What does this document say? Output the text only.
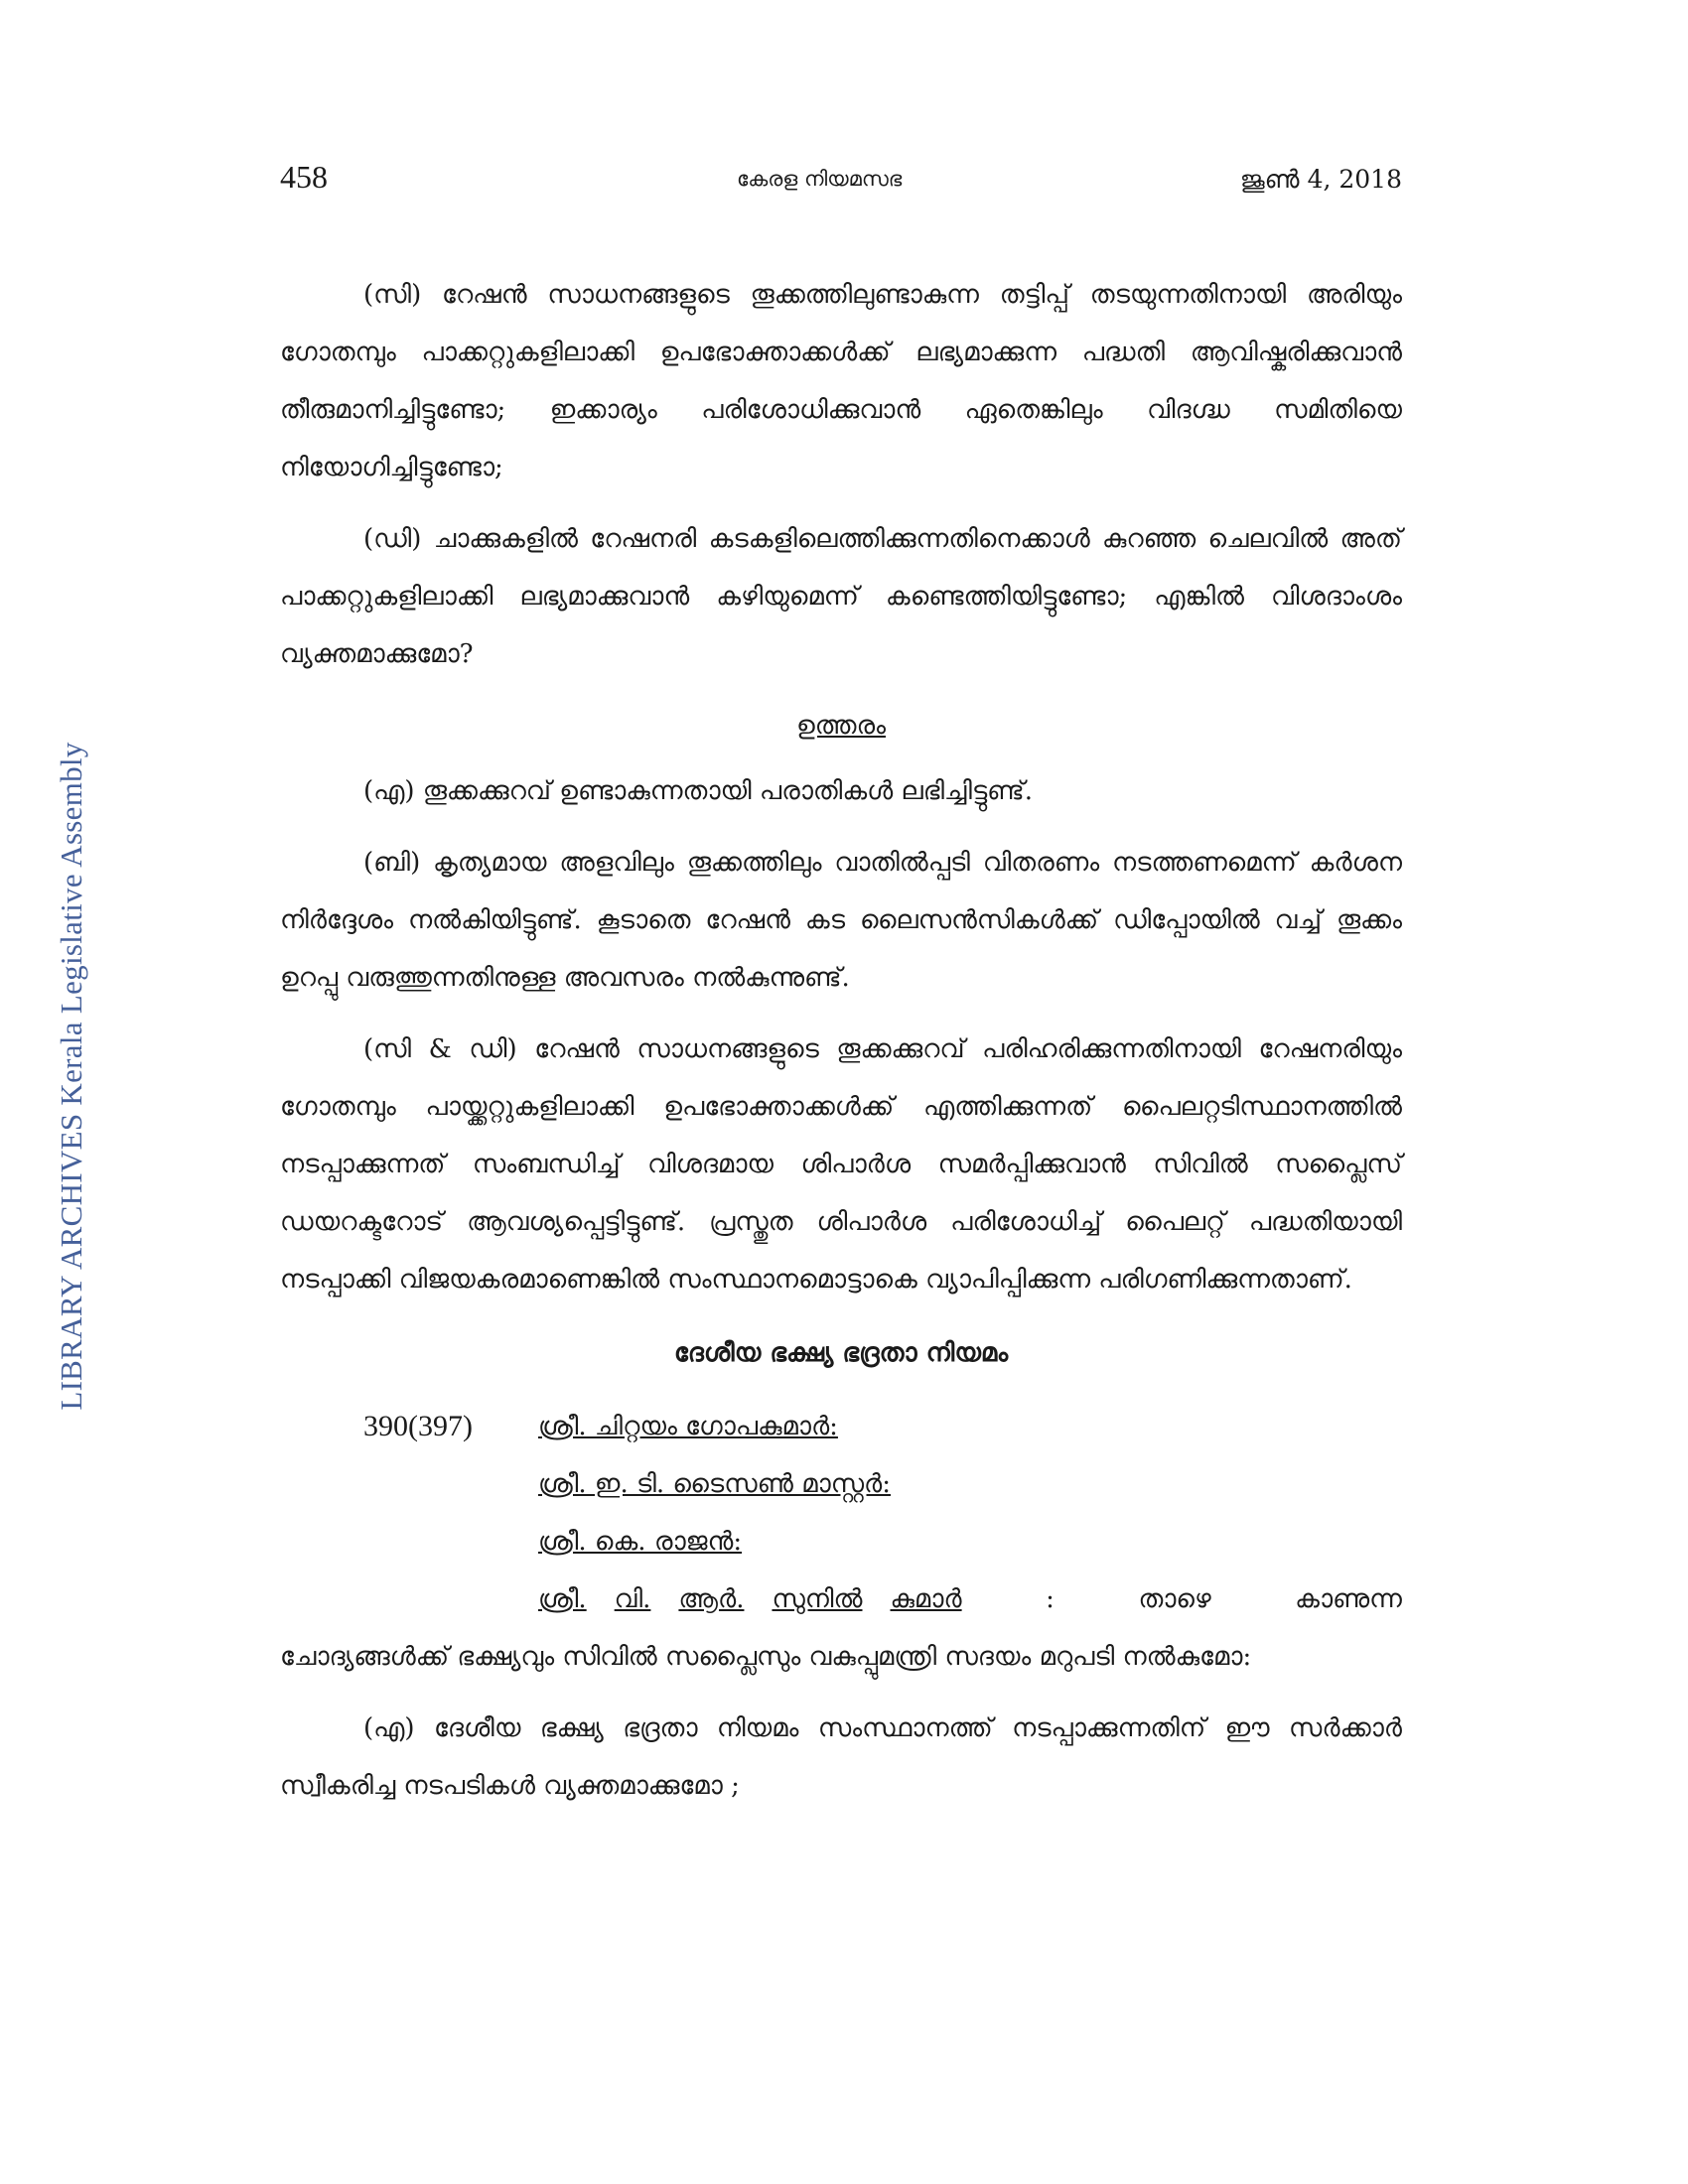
LIBRARY ARCHIVES Kerala Legislative Assembly
458	കേരള നിയമസഭ	ജൂൺ 4, 2018

(സി) റേഷൻ സാധനങ്ങളുടെ തൂക്കത്തിലുണ്ടാകുന്ന തട്ടിപ്പ് തടയുന്നതിനായി അരിയും ഗോതമ്പും പാക്കറ്റുകളിലാക്കി ഉപഭോക്താക്കൾക്ക് ലഭ്യമാക്കുന്ന പദ്ധതി ആവിഷ്കരിക്കുവാൻ തീരുമാനിച്ചിട്ടുണ്ടോ; ഇക്കാര്യം പരിശോധിക്കുവാൻ ഏതെങ്കിലും വിദഗ്ദ്ധ സമിതിയെ നിയോഗിച്ചിട്ടുണ്ടോ;

(ഡി) ചാക്കുകളിൽ റേഷനരി കടകളിലെത്തിക്കുന്നതിനെക്കാൾ കുറഞ്ഞ ചെലവിൽ അത് പാക്കറ്റുകളിലാക്കി ലഭ്യമാക്കുവാൻ കഴിയുമെന്ന് കണ്ടെത്തിയിട്ടുണ്ടോ; എങ്കിൽ വിശദാംശം വ്യക്തമാക്കുമോ?

ഉത്തരം

(എ) തൂക്കക്കുറവ് ഉണ്ടാകുന്നതായി പരാതികൾ ലഭിച്ചിട്ടുണ്ട്.

(ബി) കൃത്യമായ അളവിലും തൂക്കത്തിലും വാതിൽപ്പടി വിതരണം നടത്തണമെന്ന് കർശന നിർദ്ദേശം നൽകിയിട്ടുണ്ട്. കൂടാതെ റേഷൻ കട ലൈസൻസികൾക്ക് ഡിപ്പോയിൽ വച്ച് തൂക്കം ഉറപ്പു വരുത്തുന്നതിനുള്ള അവസരം നൽകുന്നുണ്ട്.

(സി & ഡി) റേഷൻ സാധനങ്ങളുടെ തൂക്കക്കുറവ് പരിഹരിക്കുന്നതിനായി റേഷനരിയും ഗോതമ്പും പായ്ക്കറ്റുകളിലാക്കി ഉപഭോക്താക്കൾക്ക് എത്തിക്കുന്നത് പൈലറ്റടിസ്ഥാനത്തിൽ നടപ്പാക്കുന്നത് സംബന്ധിച്ച് വിശദമായ ശിപാർശ സമർപ്പിക്കുവാൻ സിവിൽ സപ്ലൈസ് ഡയറക്ടറോട് ആവശ്യപ്പെട്ടിട്ടുണ്ട്. പ്രസ്തുത ശിപാർശ പരിശോധിച്ച് പൈലറ്റ് പദ്ധതിയായി നടപ്പാക്കി വിജയകരമാണെങ്കിൽ സംസ്ഥാനമൊട്ടാകെ വ്യാപിപ്പിക്കുന്ന പരിഗണിക്കുന്നതാണ്.

ദേശീയ ഭക്ഷ്യ ഭദ്രതാ നിയമം
390(397)	ശ്രീ. ചിറ്റയം ഗോപകുമാർ:
ശ്രീ. ഇ. ടി. ടൈസൺ മാസ്റ്റർ:
ശ്രീ. കെ. രാജൻ:
ശ്രീ. വി. ആർ. സുനിൽ കുമാർ	:	താഴെ	കാണുന്ന

ചോദ്യങ്ങൾക്ക് ഭക്ഷ്യവും സിവിൽ സപ്ലൈസും വകുപ്പുമന്ത്രി സദയം മറുപടി നൽകുമോ:

(എ) ദേശീയ ഭക്ഷ്യ ഭദ്രതാ നിയമം സംസ്ഥാനത്ത് നടപ്പാക്കുന്നതിന് ഈ സർക്കാർ സ്വീകരിച്ച നടപടികൾ വ്യക്തമാക്കുമോ ;
